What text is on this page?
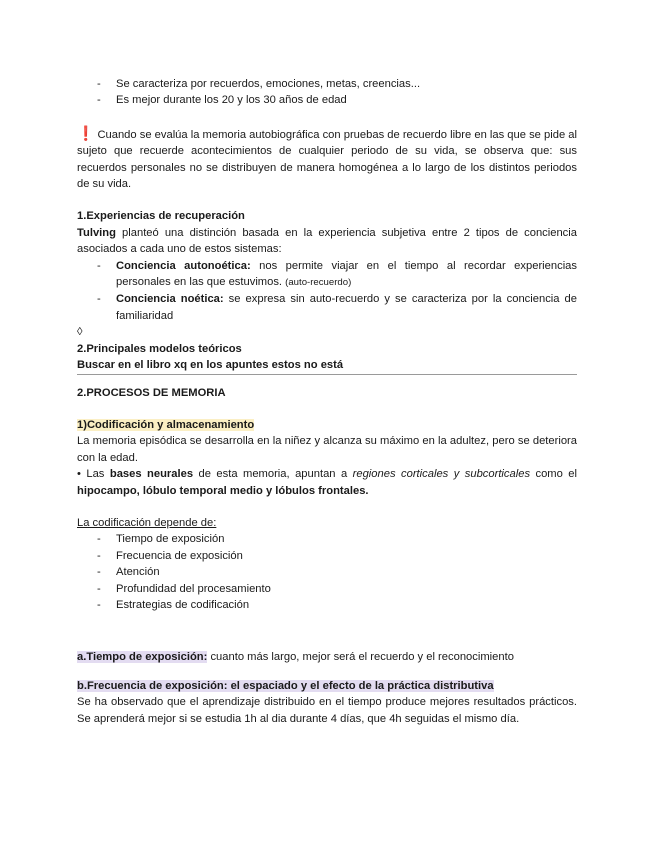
- Se caracteriza por recuerdos, emociones, metas, creencias...
- Es mejor durante los 20 y los 30 años de edad

❗ Cuando se evalúa la memoria autobiográfica con pruebas de recuerdo libre en las que se pide al sujeto que recuerde acontecimientos de cualquier periodo de su vida, se observa que: sus recuerdos personales no se distribuyen de manera homogénea a lo largo de los distintos periodos de su vida.

1.Experiencias de recuperación

Tulving planteó una distinción basada en la experiencia subjetiva entre 2 tipos de conciencia asociados a cada uno de estos sistemas:

- Conciencia autonoética: nos permite viajar en el tiempo al recordar experiencias personales en las que estuvimos. (auto-recuerdo)
- Conciencia noética: se expresa sin auto-recuerdo y se caracteriza por la conciencia de familiaridad
◊
2.Principales modelos teóricos
Buscar en el libro xq en los apuntes estos no está
2.PROCESOS DE MEMORIA
1)Codificación y almacenamiento

La memoria episódica se desarrolla en la niñez y alcanza su máximo en la adultez, pero se deteriora con la edad.

• Las bases neurales de esta memoria, apuntan a regiones corticales y subcorticales como el hipocampo, lóbulo temporal medio y lóbulos frontales.

La codificación depende de:
- Tiempo de exposición
- Frecuencia de exposición
- Atención
- Profundidad del procesamiento
- Estrategias de codificación
a.Tiempo de exposición: cuanto más largo, mejor será el recuerdo y el reconocimiento
b.Frecuencia de exposición: el espaciado y el efecto de la práctica distributiva

Se ha observado que el aprendizaje distribuido en el tiempo produce mejores resultados prácticos. Se aprenderá mejor si se estudia 1h al dia durante 4 días, que 4h seguidas el mismo día.
